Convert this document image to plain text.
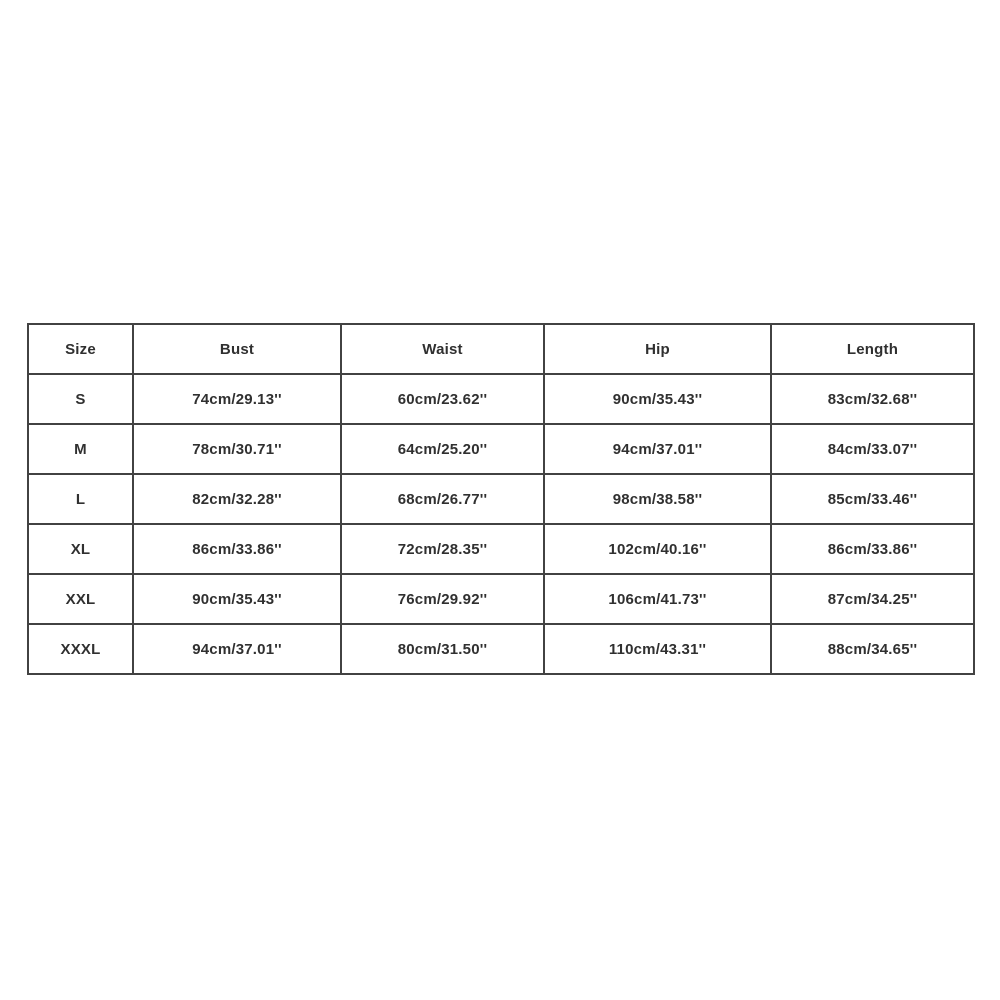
Size	Bust	Waist	Hip	Length
S	74cm/29.13''	60cm/23.62''	90cm/35.43''	83cm/32.68''
M	78cm/30.71''	64cm/25.20''	94cm/37.01''	84cm/33.07''
L	82cm/32.28''	68cm/26.77''	98cm/38.58''	85cm/33.46''
XL	86cm/33.86''	72cm/28.35''	102cm/40.16''	86cm/33.86''
XXL	90cm/35.43''	76cm/29.92''	106cm/41.73''	87cm/34.25''
XXXL	94cm/37.01''	80cm/31.50''	110cm/43.31''	88cm/34.65''
